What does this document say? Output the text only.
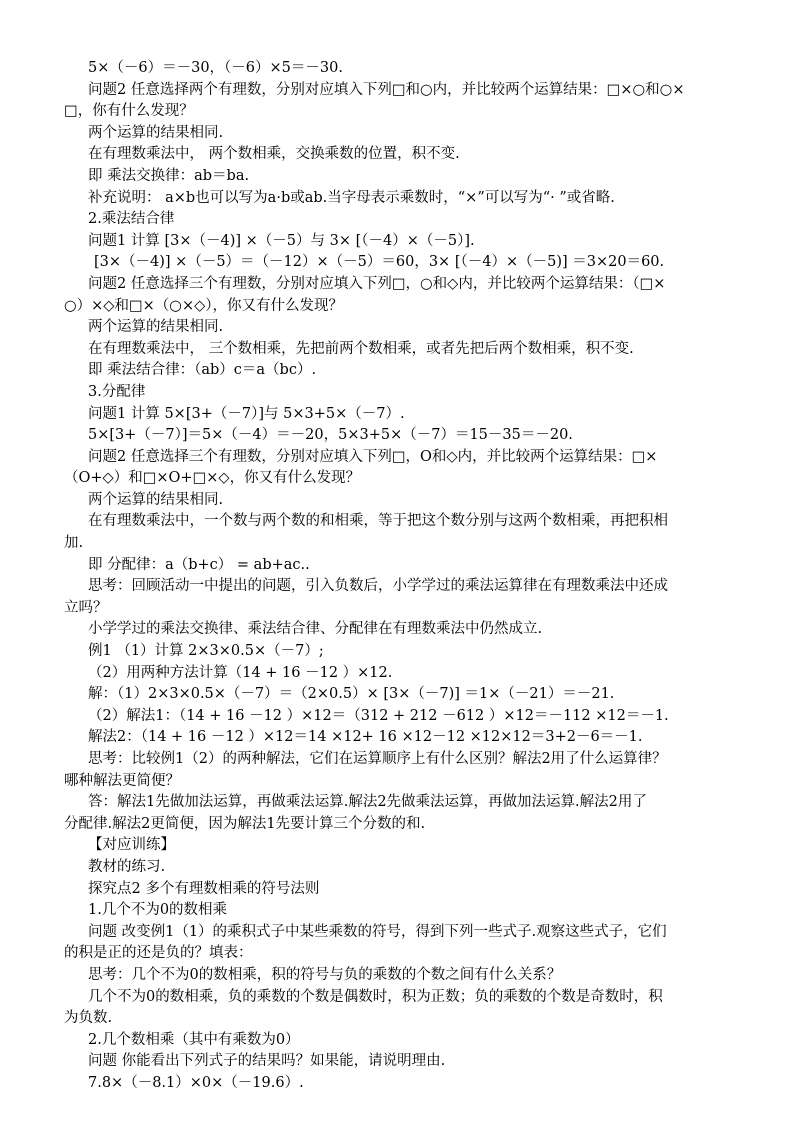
5×（－6）＝－30，（－6）×5＝－30.
问题2 任意选择两个有理数，分别对应填入下列□和○内，并比较两个运算结果：□×○和○×
□，你有什么发现？
两个运算的结果相同.
在有理数乘法中， 两个数相乘，交换乘数的位置，积不变.
即 乘法交换律：ab＝ba.
补充说明： a×b也可以写为a·b或ab.当字母表示乘数时，“×”可以写为“· ”或省略.
2.乘法结合律
问题1 计算 [3×（－4)] ×（－5）与 3× [（－4）×（－5）].
[3×（－4)] ×（－5）＝（－12）×（－5）＝60，3× [（－4）×（－5)] ＝3×20＝60.
问题2 任意选择三个有理数，分别对应填入下列□，○和◇内，并比较两个运算结果：（□×
○）×◇和□×（○×◇），你又有什么发现？
两个运算的结果相同.
在有理数乘法中， 三个数相乘，先把前两个数相乘，或者先把后两个数相乘，积不变.
即 乘法结合律：（ab）c＝a（bc）.
3.分配律
问题1 计算 5×[3+（－7）]与 5×3+5×（－7）.
5×[3+（－7）]＝5×（－4）＝－20，5×3+5×（－7）＝15－35＝－20.
问题2 任意选择三个有理数，分别对应填入下列□，O和◇内，并比较两个运算结果：□×
（O+◇）和□×O+□×◇，你又有什么发现？
两个运算的结果相同.
在有理数乘法中，一个数与两个数的和相乘，等于把这个数分别与这两个数相乘，再把积相
加.
即 分配律：a（b+c） = ab+ac..
思考：回顾活动一中提出的问题，引入负数后，小学学过的乘法运算律在有理数乘法中还成
立吗？
小学学过的乘法交换律、乘法结合律、分配律在有理数乘法中仍然成立.
例1 （1）计算 2×3×0.5×（－7）;
（2）用两种方法计算（14 + 16 －12 ）×12.
解：（1）2×3×0.5×（－7）＝（2×0.5）× [3×（－7)] ＝1×（－21）＝－21.
（2）解法1：（14 + 16 －12 ）×12＝（312 + 212 －612 ）×12＝－112 ×12＝－1.
解法2：（14 + 16 －12 ）×12＝14 ×12+ 16 ×12－12 ×12×12＝3+2－6＝－1.
思考：比较例1（2）的两种解法，它们在运算顺序上有什么区别？解法2用了什么运算律？
哪种解法更简便？
答：解法1先做加法运算，再做乘法运算.解法2先做乘法运算，再做加法运算.解法2用了
分配律.解法2更简便，因为解法1先要计算三个分数的和.
【对应训练】
教材的练习.
探究点2 多个有理数相乘的符号法则
1.几个不为0的数相乘
问题 改变例1（1）的乘积式子中某些乘数的符号，得到下列一些式子.观察这些式子，它们
的积是正的还是负的？填表：
思考：几个不为0的数相乘，积的符号与负的乘数的个数之间有什么关系？
几个不为0的数相乘，负的乘数的个数是偶数时，积为正数；负的乘数的个数是奇数时，积
为负数.
2.几个数相乘（其中有乘数为0）
问题 你能看出下列式子的结果吗？如果能，请说明理由.
7.8×（－8.1）×0×（－19.6）.
